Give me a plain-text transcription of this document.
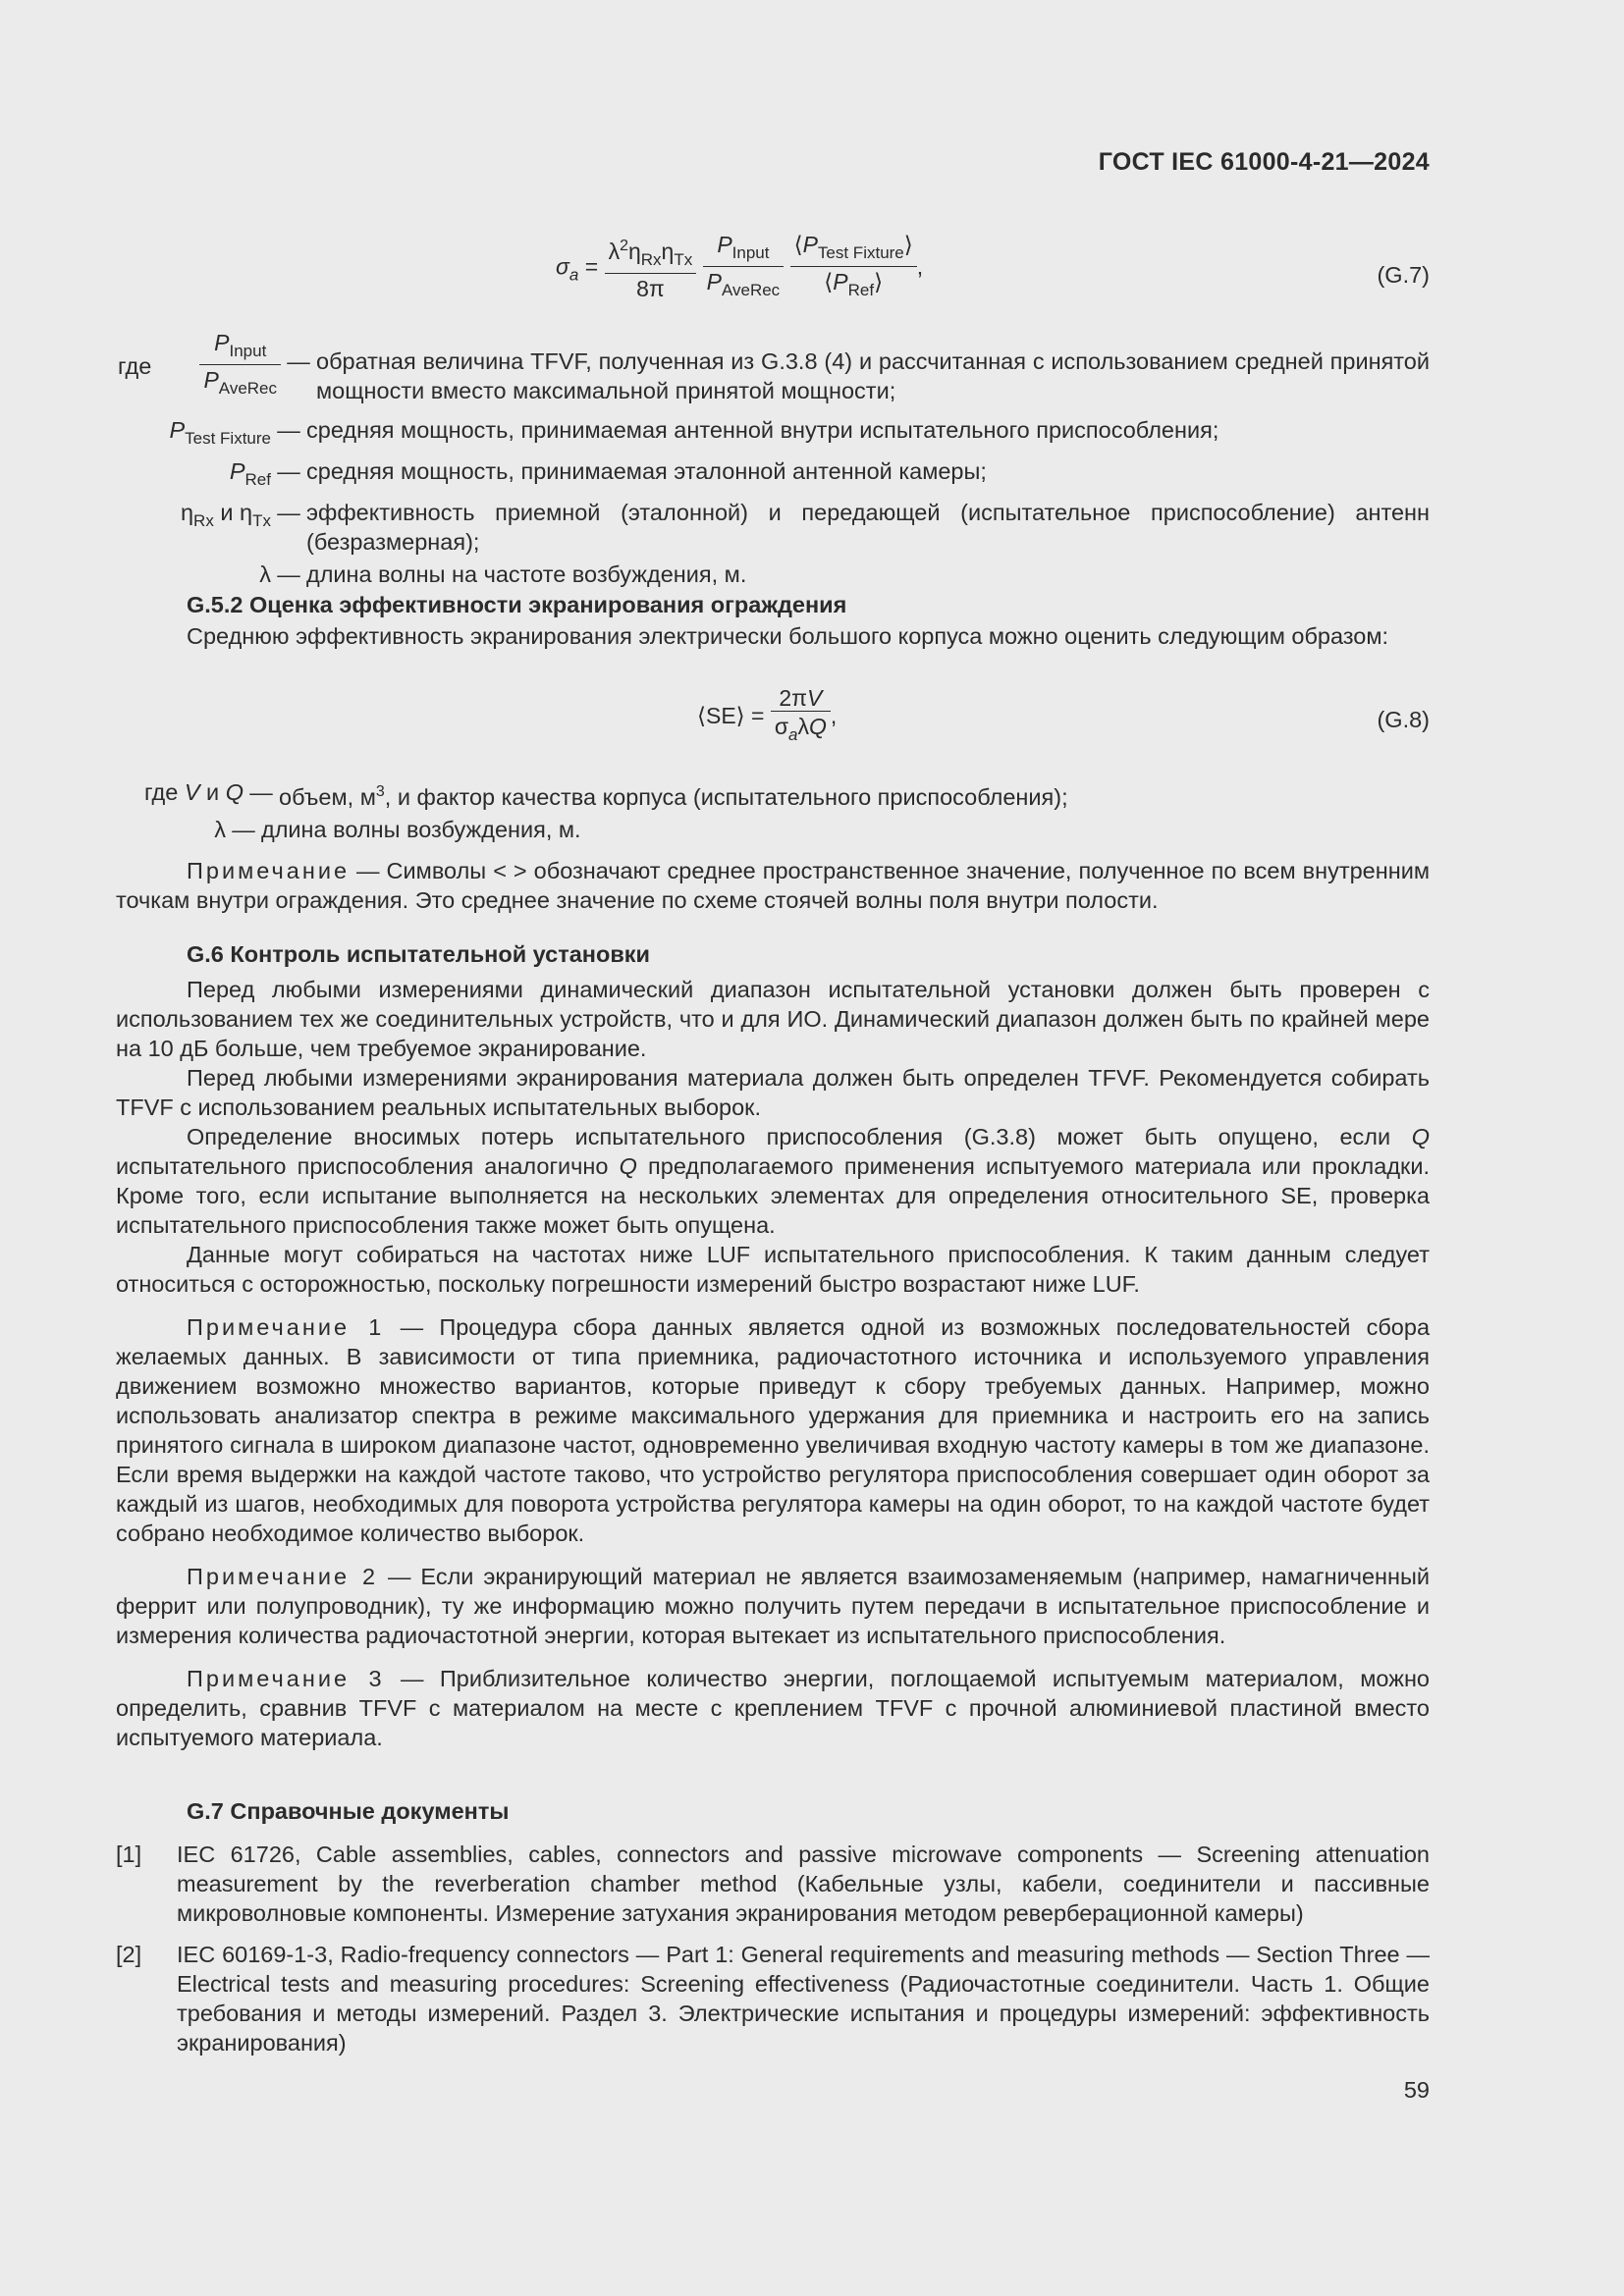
ГОСТ IEC 61000-4-21—2024
$\sigma_a = \frac{\lambda^2\eta_{Rx}\eta_{Tx}}{8\pi}$
$\frac{P_{Input}}{P_{AveRec}}$
$\frac{⟨P_{Test Fixture}⟩}{⟨P_{Ref}⟩}$ ,	(G.7)
где
$P_{Input}$
$P_{AveRec}$
— обратная величина TFVF, полученная из G.3.8 (4) и рассчитанная с использованием средней принятой мощности вместо максимальной принятой мощности;
$P_{Test Fixture}$ — средняя мощность, принимаемая антенной внутри испытательного приспособления;
$P_{Ref}$ — средняя мощность, принимаемая эталонной антенной камеры;
$\eta_{Rx}$ и $\eta_{Tx}$ — эффективность приемной (эталонной) и передающей (испытательное приспособление) антенн (безразмерная);
λ — длина волны на частоте возбуждения, м.
G.5.2 Оценка эффективности экранирования ограждения
Среднюю эффективность экранирования электрически большого корпуса можно оценить следующим образом:
⟨SE⟩ = $\frac{2\pi V}{\sigma_a\lambda Q}$ ,	(G.8)
где V и Q — объем, $м^3$, и фактор качества корпуса (испытательного приспособления);
λ — длина волны возбуждения, м.
Примечание — Символы < > обозначают среднее пространственное значение, полученное по всем внутренним точкам внутри ограждения. Это среднее значение по схеме стоячей волны поля внутри полости.
G.6 Контроль испытательной установки
Перед любыми измерениями динамический диапазон испытательной установки должен быть проверен с использованием тех же соединительных устройств, что и для ИО. Динамический диапазон должен быть по крайней мере на 10 дБ больше, чем требуемое экранирование.
Перед любыми измерениями экранирования материала должен быть определен TFVF. Рекомендуется собирать TFVF с использованием реальных испытательных выборок.
Определение вносимых потерь испытательного приспособления (G.3.8) может быть опущено, если Q испытательного приспособления аналогично Q предполагаемого применения испытуемого материала или прокладки. Кроме того, если испытание выполняется на нескольких элементах для определения относительного SE, проверка испытательного приспособления также может быть опущена.
Данные могут собираться на частотах ниже LUF испытательного приспособления. К таким данным следует относиться с осторожностью, поскольку погрешности измерений быстро возрастают ниже LUF.
Примечание 1 — Процедура сбора данных является одной из возможных последовательностей сбора желаемых данных. В зависимости от типа приемника, радиочастотного источника и используемого управления движением возможно множество вариантов, которые приведут к сбору требуемых данных. Например, можно использовать анализатор спектра в режиме максимального удержания для приемника и настроить его на запись принятого сигнала в широком диапазоне частот, одновременно увеличивая входную частоту камеры в том же диапазоне. Если время выдержки на каждой частоте таково, что устройство регулятора приспособления совершает один оборот за каждый из шагов, необходимых для поворота устройства регулятора камеры на один оборот, то на каждой частоте будет собрано необходимое количество выборок.
Примечание 2 — Если экранирующий материал не является взаимозаменяемым (например, намагниченный феррит или полупроводник), ту же информацию можно получить путем передачи в испытательное приспособление и измерения количества радиочастотной энергии, которая вытекает из испытательного приспособления.
Примечание 3 — Приблизительное количество энергии, поглощаемой испытуемым материалом, можно определить, сравнив TFVF с материалом на месте с креплением TFVF с прочной алюминиевой пластиной вместо испытуемого материала.
G.7 Справочные документы
[1]	IEC 61726, Cable assemblies, cables, connectors and passive microwave components — Screening attenuation measurement by the reverberation chamber method (Кабельные узлы, кабели, соединители и пассивные микроволновые компоненты. Измерение затухания экранирования методом реверберационной камеры)
[2]	IEC 60169-1-3, Radio-frequency connectors — Part 1: General requirements and measuring methods — Section Three — Electrical tests and measuring procedures: Screening effectiveness (Радиочастотные соединители. Часть 1. Общие требования и методы измерений. Раздел 3. Электрические испытания и процедуры измерений: эффективность экранирования)
59
